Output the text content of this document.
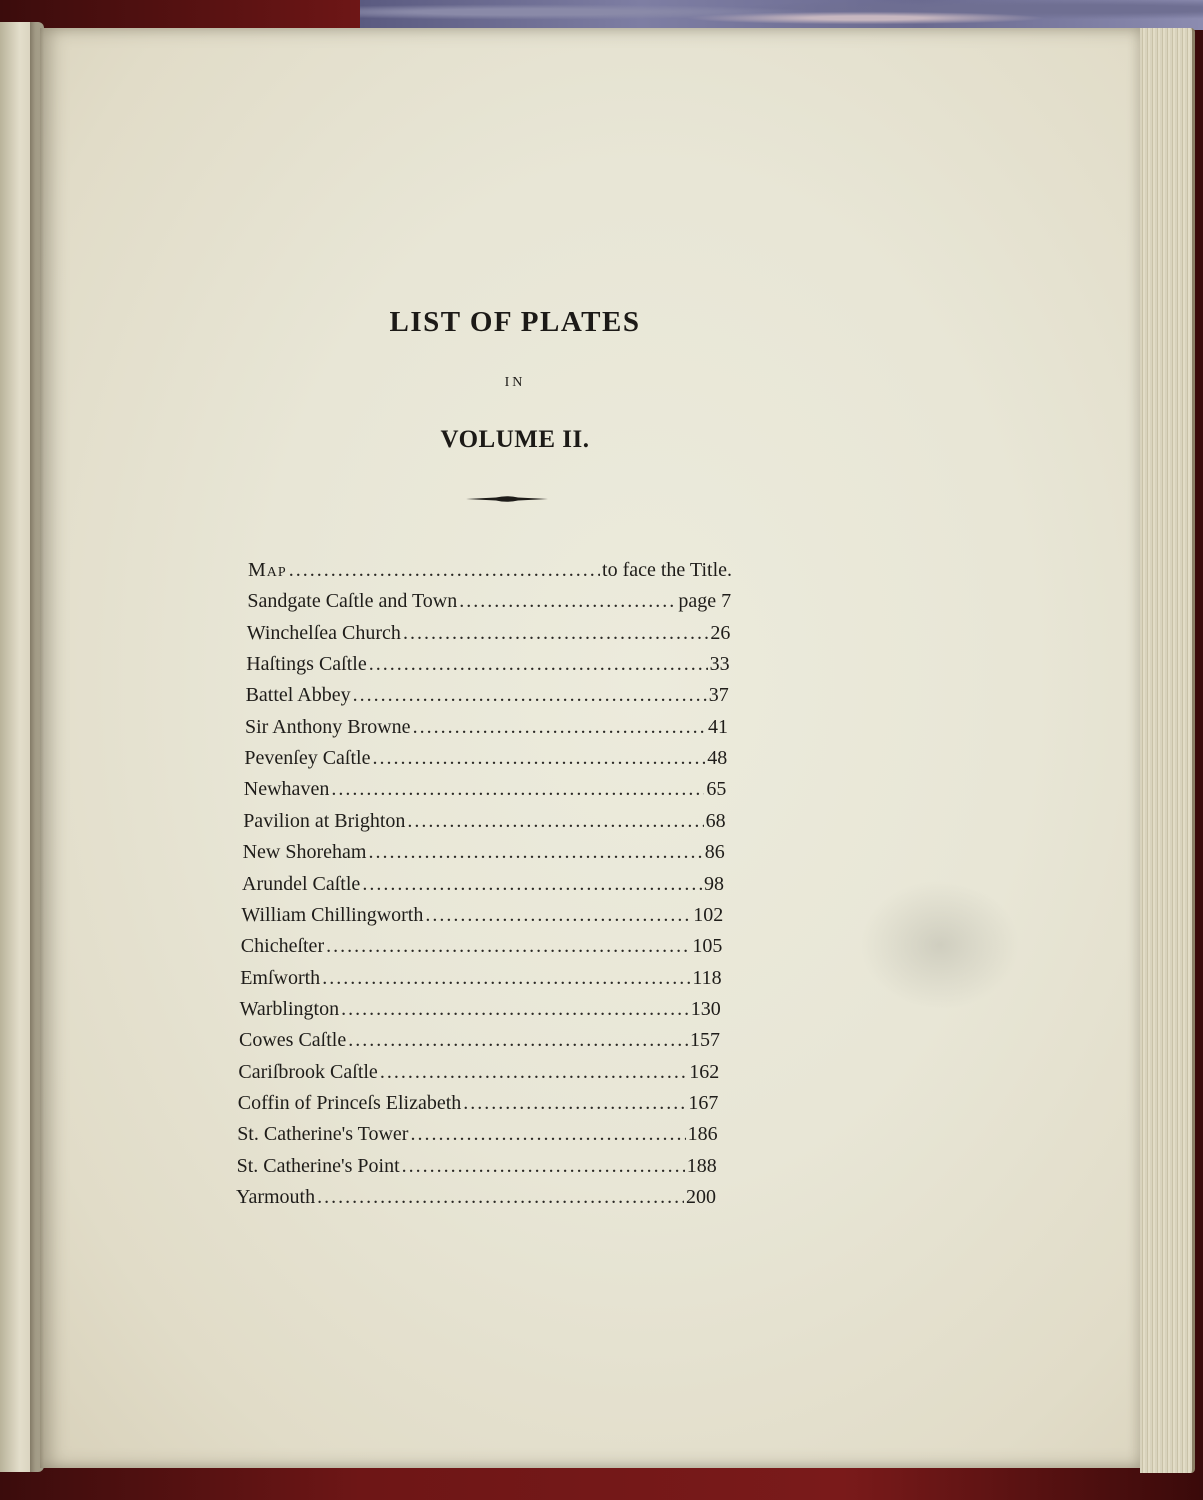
LIST OF PLATES
IN
VOLUME II.
Map .....	to face the Title.
Sandgate Caſtle and Town .....	page 7
Winchelſea Church .....	26
Haſtings Caſtle .....	33
Battel Abbey .....	37
Sir Anthony Browne .....	41
Pevenſey Caſtle .....	48
Newhaven .....	65
Pavilion at Brighton .....	68
New Shoreham .....	86
Arundel Caſtle .....	98
William Chillingworth .....	102
Chicheſter .....	105
Emſworth .....	118
Warblington .....	130
Cowes Caſtle .....	157
Cariſbrook Caſtle .....	162
Coffin of Princeſs Elizabeth .....	167
St. Catherine's Tower .....	186
St. Catherine's Point .....	188
Yarmouth .....	200
